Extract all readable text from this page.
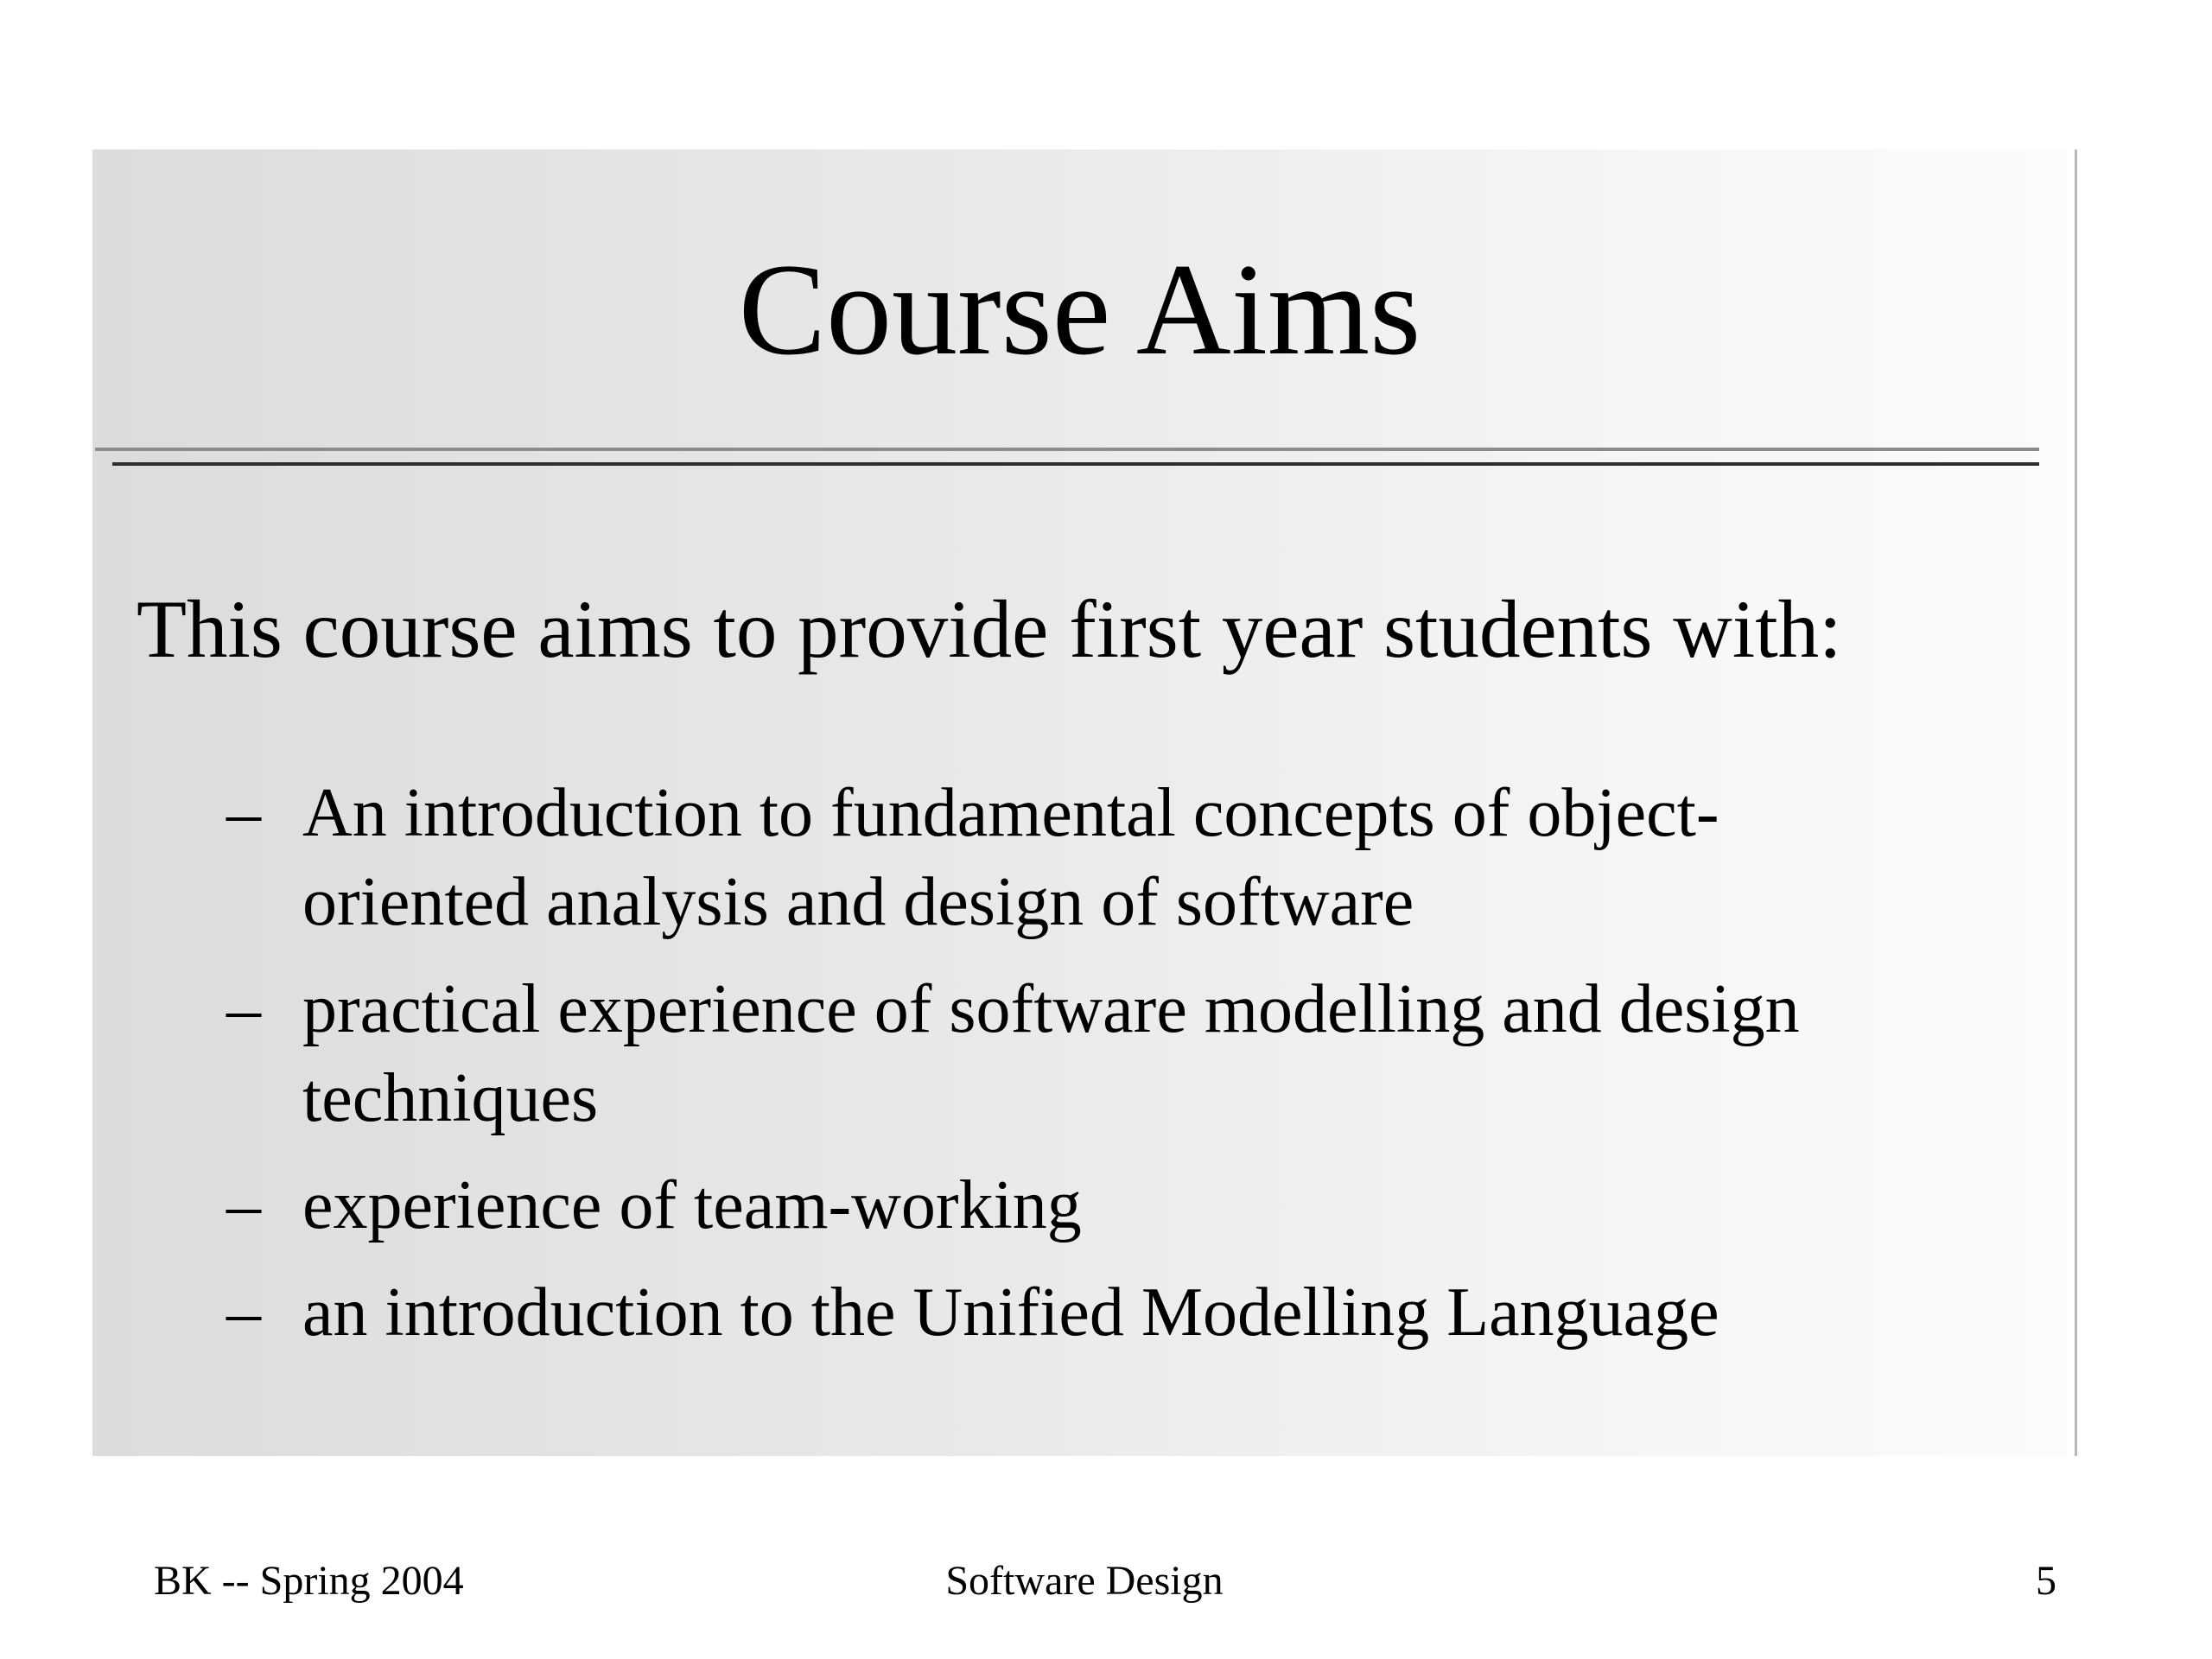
Course Aims
This course aims to provide first year students with:
– An introduction to fundamental concepts of object-
oriented analysis and design of software
– practical experience of software modelling and design
techniques
– experience of team-working
– an introduction to the Unified Modelling Language
BK -- Spring 2004	Software Design	5
